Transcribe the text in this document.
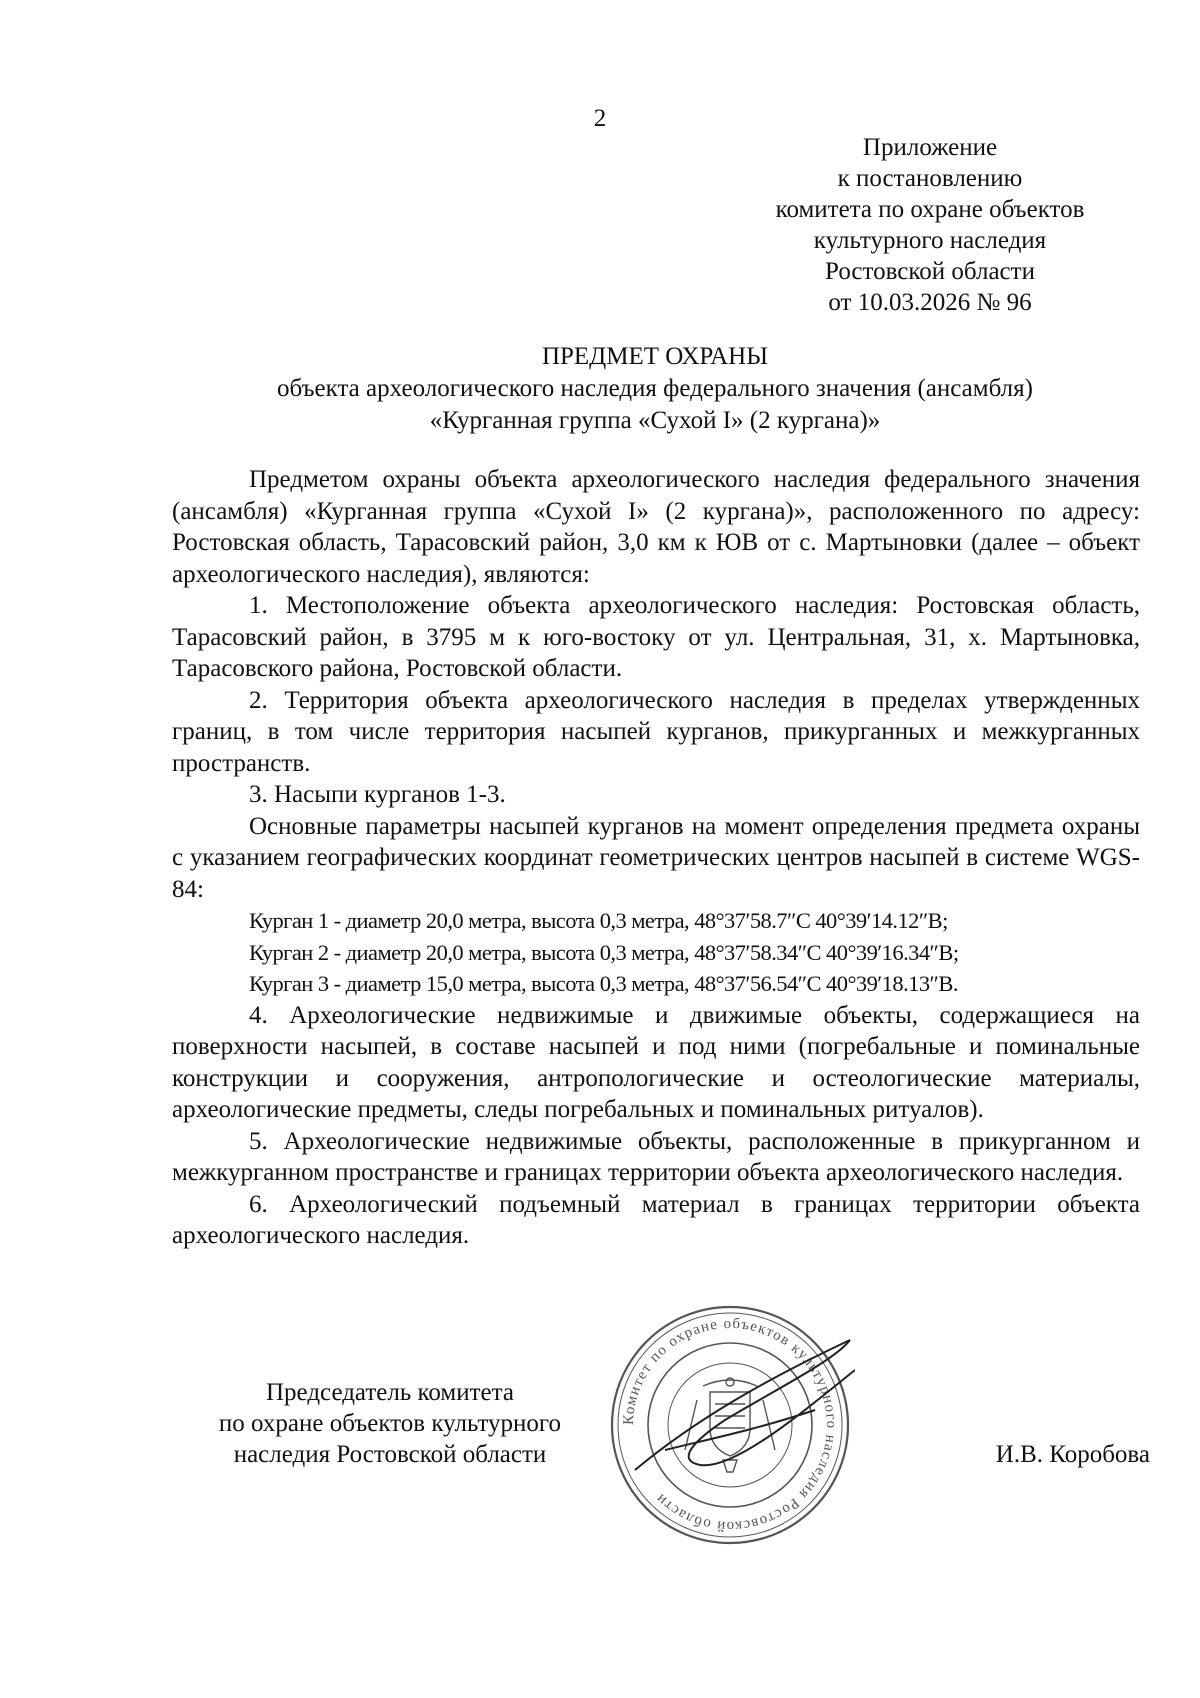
2
Приложение
к постановлению
комитета по охране объектов
культурного наследия
Ростовской области
от 10.03.2026 № 96
ПРЕДМЕТ ОХРАНЫ
объекта археологического наследия федерального значения (ансамбля)
«Курганная группа «Сухой I» (2 кургана)»

Предметом охраны объекта археологического наследия федерального значения (ансамбля) «Курганная группа «Сухой I» (2 кургана)», расположенного по адресу: Ростовская область, Тарасовский район, 3,0 км к ЮВ от с. Мартыновки (далее – объект археологического наследия), являются:

1. Местоположение объекта археологического наследия: Ростовская область, Тарасовский район, в 3795 м к юго-востоку от ул. Центральная, 31, х. Мартыновка, Тарасовского района, Ростовской области.

2. Территория объекта археологического наследия в пределах утвержденных границ, в том числе территория насыпей курганов, прикурганных и межкурганных пространств.

3. Насыпи курганов 1-3.

Основные параметры насыпей курганов на момент определения предмета охраны с указанием географических координат геометрических центров насыпей в системе WGS-84:

Курган 1 - диаметр 20,0 метра, высота 0,3 метра, 48°37′58.7″С 40°39′14.12″В;

Курган 2 - диаметр 20,0 метра, высота 0,3 метра, 48°37′58.34″С 40°39′16.34″В;

Курган 3 - диаметр 15,0 метра, высота 0,3 метра, 48°37′56.54″С 40°39′18.13″В.

4. Археологические недвижимые и движимые объекты, содержащиеся на поверхности насыпей, в составе насыпей и под ними (погребальные и поминальные конструкции и сооружения, антропологические и остеологические материалы, археологические предметы, следы погребальных и поминальных ритуалов).

5. Археологические недвижимые объекты, расположенные в прикурганном и межкурганном пространстве и границах территории объекта археологического наследия.

6. Археологический подъемный материал в границах территории объекта археологического наследия.

Председатель комитета
по охране объектов культурного
наследия Ростовской области
Комитет по охране объектов культурного наследия Ростовской области
И.В. Коробова
